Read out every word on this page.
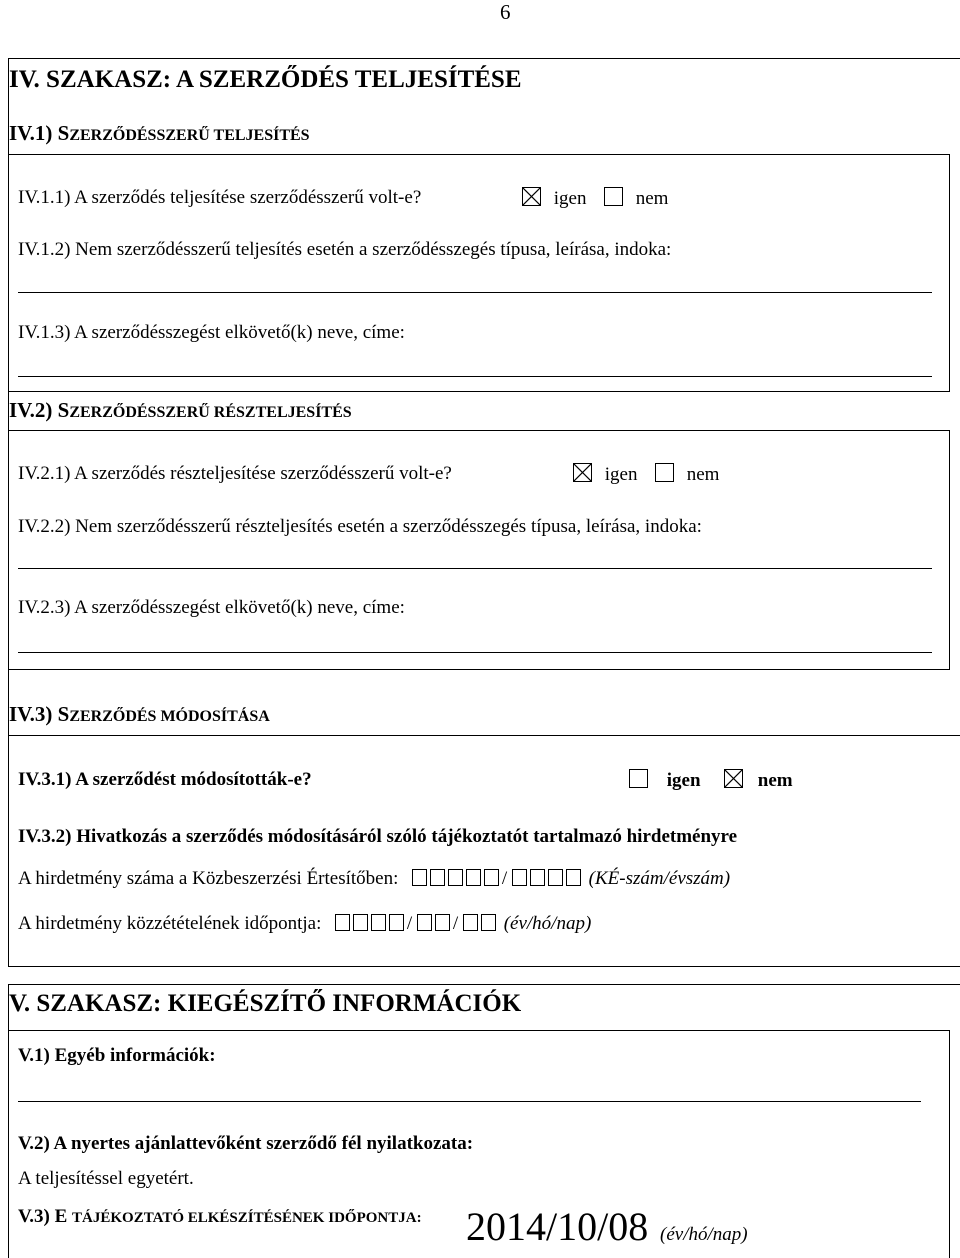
6
IV. SZAKASZ: A SZERZŐDÉS TELJESÍTÉSE
IV.1) SZERZŐDÉSSZERŰ TELJESÍTÉS
IV.1.1) A szerződés teljesítése szerződésszerű volt-e?	igen	nem
IV.1.2) Nem szerződésszerű teljesítés esetén a szerződésszegés típusa, leírása, indoka:
IV.1.3) A szerződésszegést elkövető(k) neve, címe:
IV.2) SZERZŐDÉSSZERŰ RÉSZTELJESÍTÉS
IV.2.1) A szerződés részteljesítése szerződésszerű volt-e?	igen	nem
IV.2.2) Nem szerződésszerű részteljesítés esetén a szerződésszegés típusa, leírása, indoka:
IV.2.3) A szerződésszegést elkövető(k) neve, címe:
IV.3) SZERZŐDÉS MÓDOSÍTÁSA
IV.3.1) A szerződést módosították-e?	igen	nem
IV.3.2) Hivatkozás a szerződés módosításáról szóló tájékoztatót tartalmazó hirdetményre
A hirdetmény száma a Közbeszerzési Értesítőben:	/	(KÉ-szám/évszám)
A hirdetmény közzétételének időpontja:	/ / (év/hó/nap)
V. SZAKASZ: KIEGÉSZÍTŐ INFORMÁCIÓK
V.1) Egyéb információk:
V.2) A nyertes ajánlattevőként szerződő fél nyilatkozata:
A teljesítéssel egyetért.
V.3) E TÁJÉKOZTATÓ ELKÉSZÍTÉSÉNEK IDŐPONTJA: 2014/10/08 (év/hó/nap)
